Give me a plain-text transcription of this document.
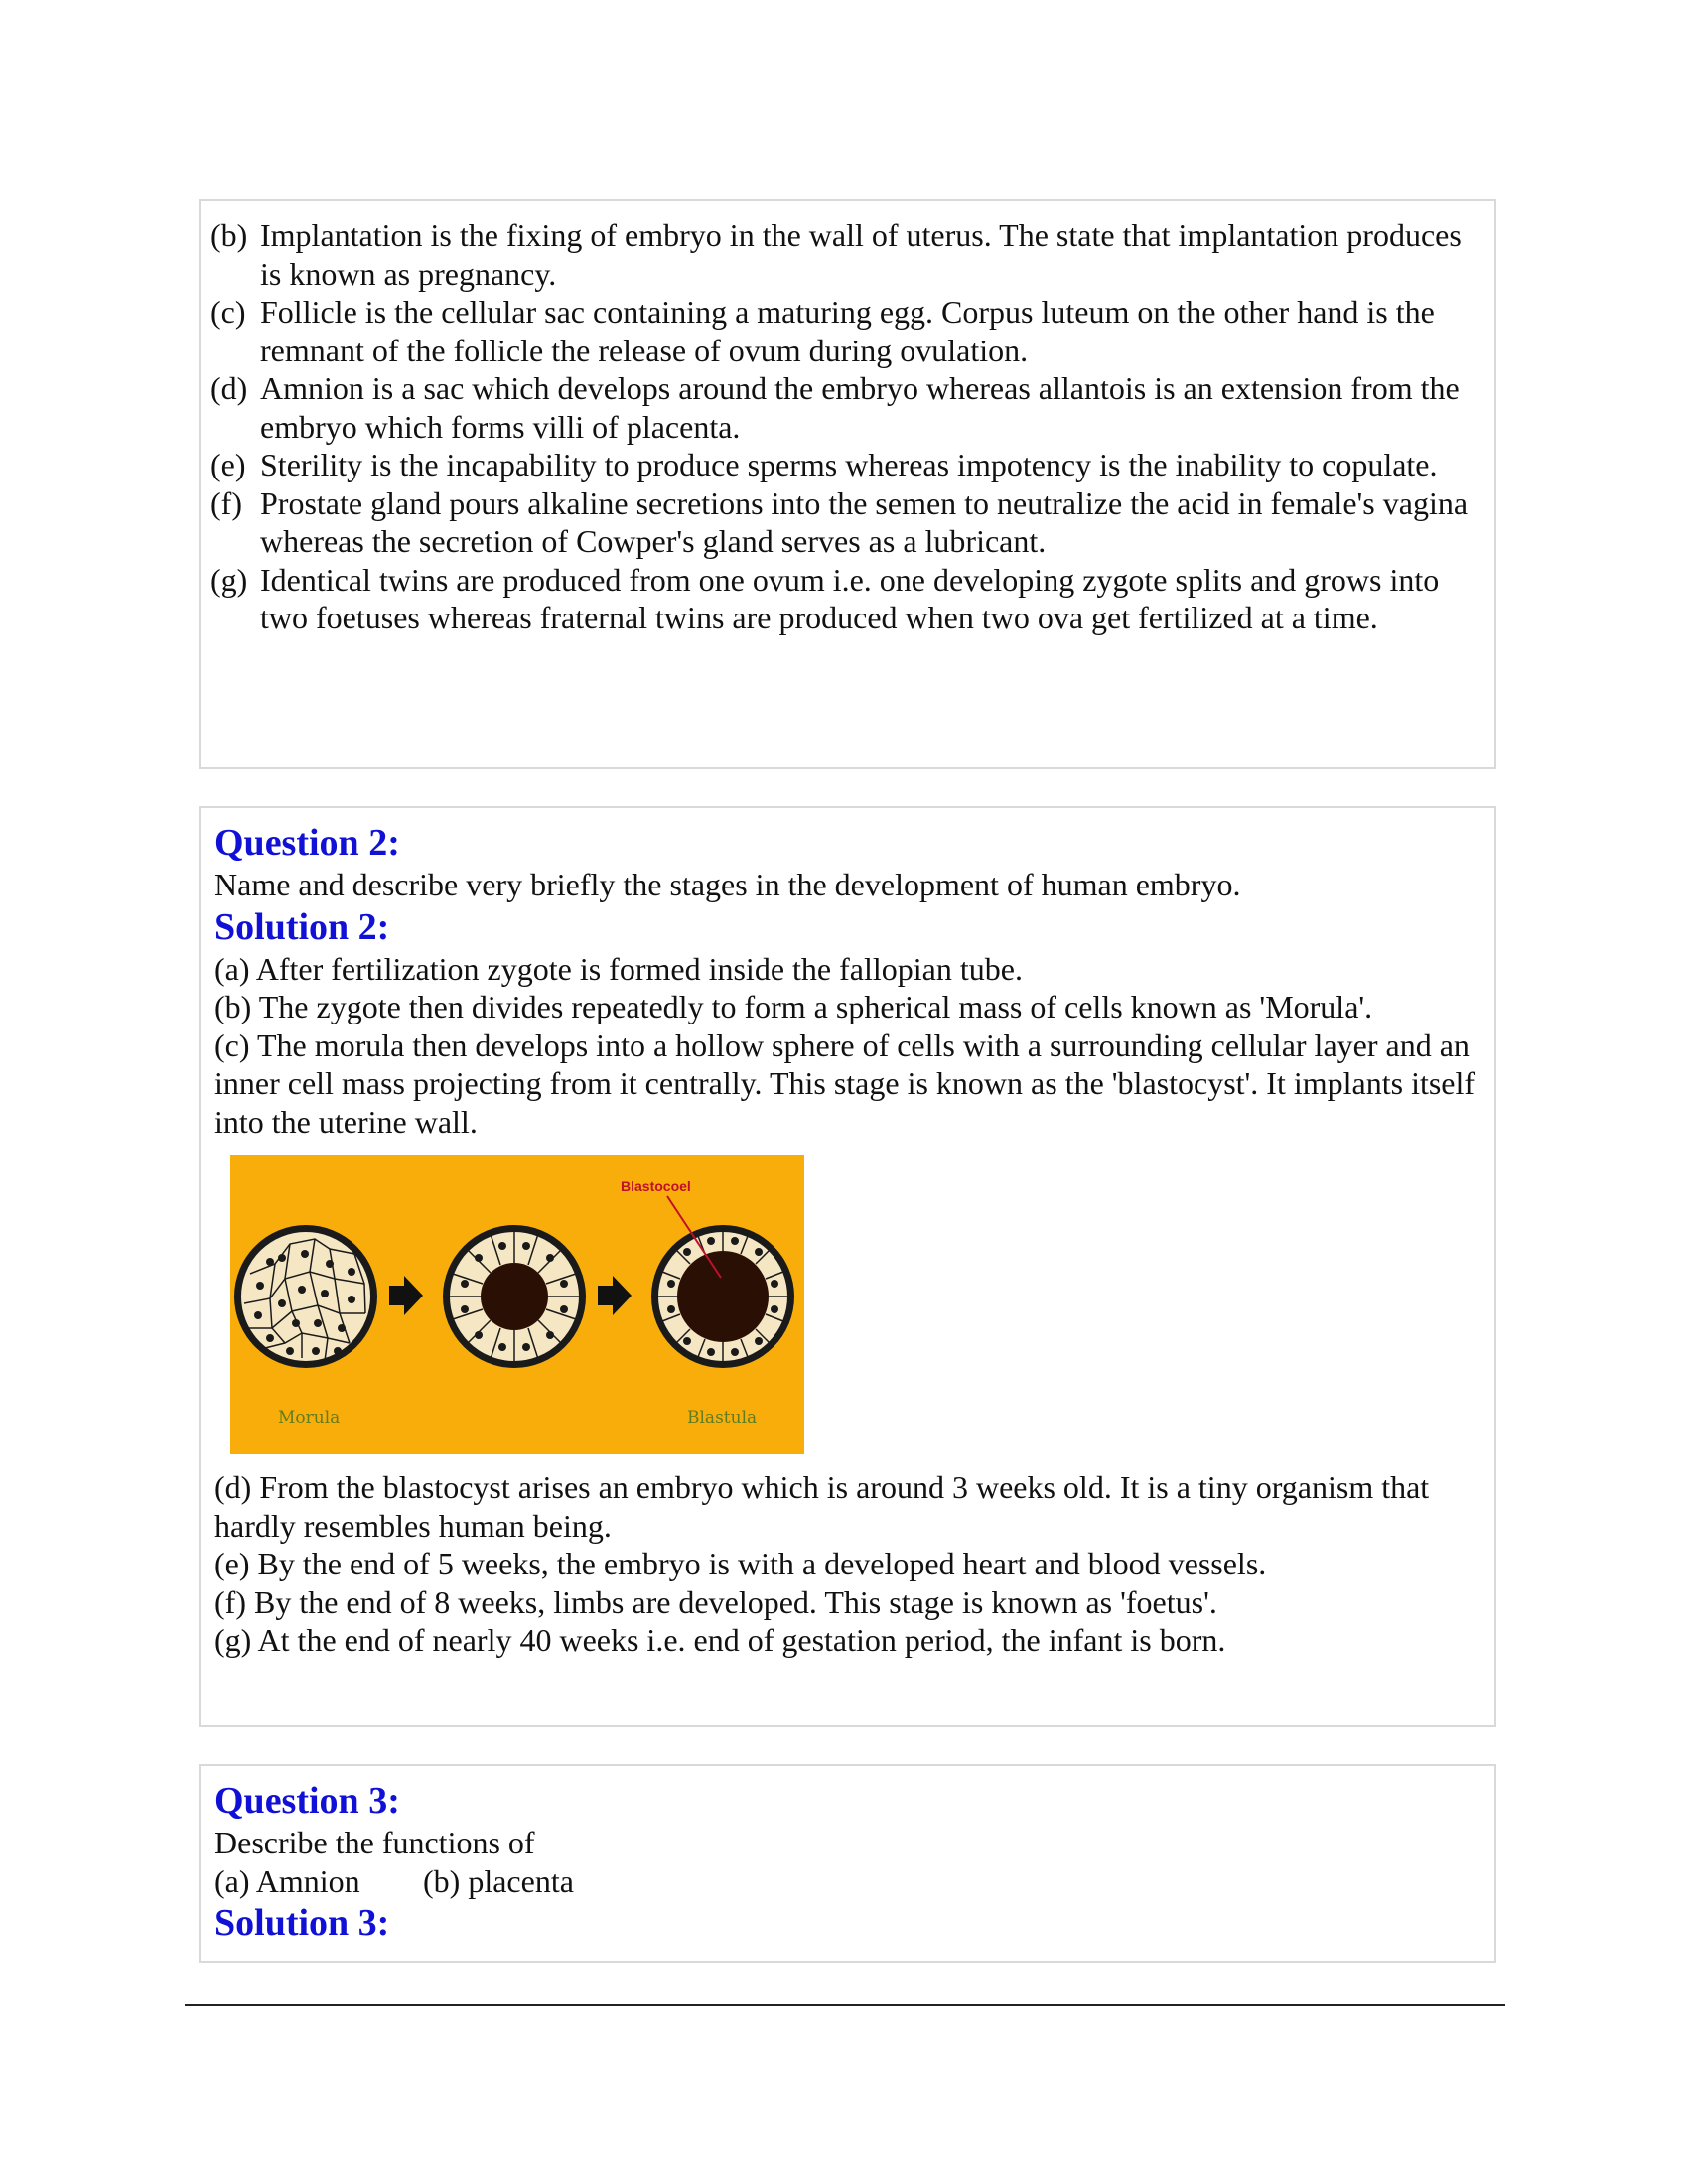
(b) Implantation is the fixing of embryo in the wall of uterus. The state that implantation produces is known as pregnancy.
(c) Follicle is the cellular sac containing a maturing egg. Corpus luteum on the other hand is the remnant of the follicle the release of ovum during ovulation.
(d) Amnion is a sac which develops around the embryo whereas allantois is an extension from the embryo which forms villi of placenta.
(e) Sterility is the incapability to produce sperms whereas impotency is the inability to copulate.
(f) Prostate gland pours alkaline secretions into the semen to neutralize the acid in female's vagina whereas the secretion of Cowper's gland serves as a lubricant.
(g) Identical twins are produced from one ovum i.e. one developing zygote splits and grows into two foetuses whereas fraternal twins are produced when two ova get fertilized at a time.
Question 2:
Name and describe very briefly the stages in the development of human embryo.
Solution 2:
(a) After fertilization zygote is formed inside the fallopian tube.
(b) The zygote then divides repeatedly to form a spherical mass of cells known as 'Morula'.
(c) The morula then develops into a hollow sphere of cells with a surrounding cellular layer and an inner cell mass projecting from it centrally. This stage is known as the 'blastocyst'. It implants itself into the uterine wall.
Blastocoel
Morula	Blastula
(d) From the blastocyst arises an embryo which is around 3 weeks old. It is a tiny organism that hardly resembles human being.
(e) By the end of 5 weeks, the embryo is with a developed heart and blood vessels.
(f) By the end of 8 weeks, limbs are developed. This stage is known as 'foetus'.
(g) At the end of nearly 40 weeks i.e. end of gestation period, the infant is born.
Question 3:
Describe the functions of
(a) Amnion (b) placenta
Solution 3:
